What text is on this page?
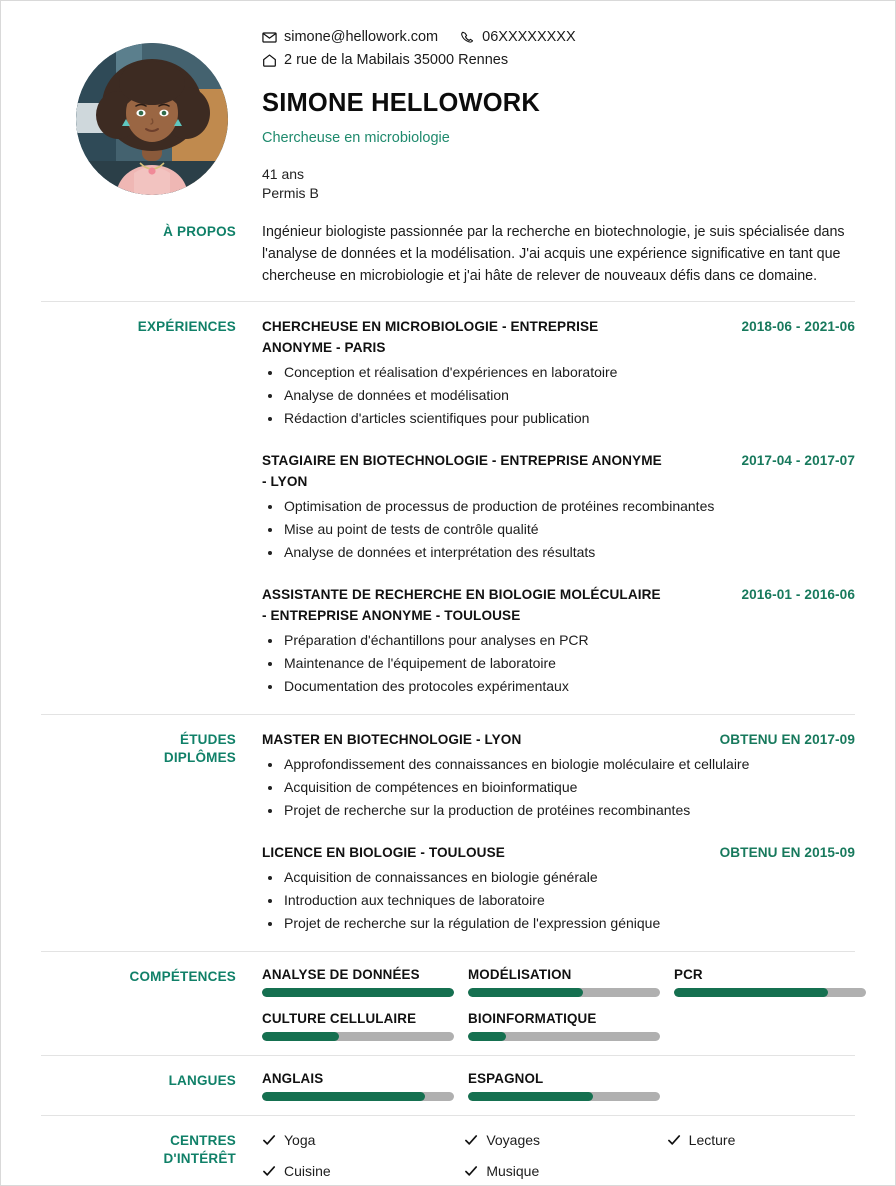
simone@hellowork.com	06XXXXXXXX
2 rue de la Mabilais 35000 Rennes
SIMONE HELLOWORK
Chercheuse en microbiologie
41 ans
Permis B
À PROPOS Ingénieur biologiste passionnée par la recherche en biotechnologie, je suis spécialisée dans l'analyse de données et la modélisation. J'ai acquis une expérience significative en tant que chercheuse en microbiologie et j'ai hâte de relever de nouveaux défis dans ce domaine.

EXPÉRIENCES CHERCHEUSE EN MICROBIOLOGIE - ENTREPRISE ANONYME - PARIS
2018-06 - 2021-06
Conception et réalisation d'expériences en laboratoire
Analyse de données et modélisation
Rédaction d'articles scientifiques pour publication
STAGIAIRE EN BIOTECHNOLOGIE - ENTREPRISE ANONYME - LYON
2017-04 - 2017-07
Optimisation de processus de production de protéines recombinantes
Mise au point de tests de contrôle qualité
Analyse de données et interprétation des résultats
ASSISTANTE DE RECHERCHE EN BIOLOGIE MOLÉCULAIRE - ENTREPRISE ANONYME - TOULOUSE
2016-01 - 2016-06
Préparation d'échantillons pour analyses en PCR
Maintenance de l'équipement de laboratoire
Documentation des protocoles expérimentaux
ÉTUDES
DIPLÔMES
MASTER EN BIOTECHNOLOGIE - LYON	OBTENU EN 2017-09
Approfondissement des connaissances en biologie moléculaire et cellulaire
Acquisition de compétences en bioinformatique
Projet de recherche sur la production de protéines recombinantes
LICENCE EN BIOLOGIE - TOULOUSE	OBTENU EN 2015-09
Acquisition de connaissances en biologie générale
Introduction aux techniques de laboratoire
Projet de recherche sur la régulation de l'expression génique
COMPÉTENCES ANALYSE DE DONNÉES	MODÉLISATION	PCR
CULTURE CELLULAIRE	BIOINFORMATIQUE
LANGUES ANGLAIS	ESPAGNOL
CENTRES
D'INTÉRÊT
Yoga	Voyages	Lecture
Cuisine	Musique
